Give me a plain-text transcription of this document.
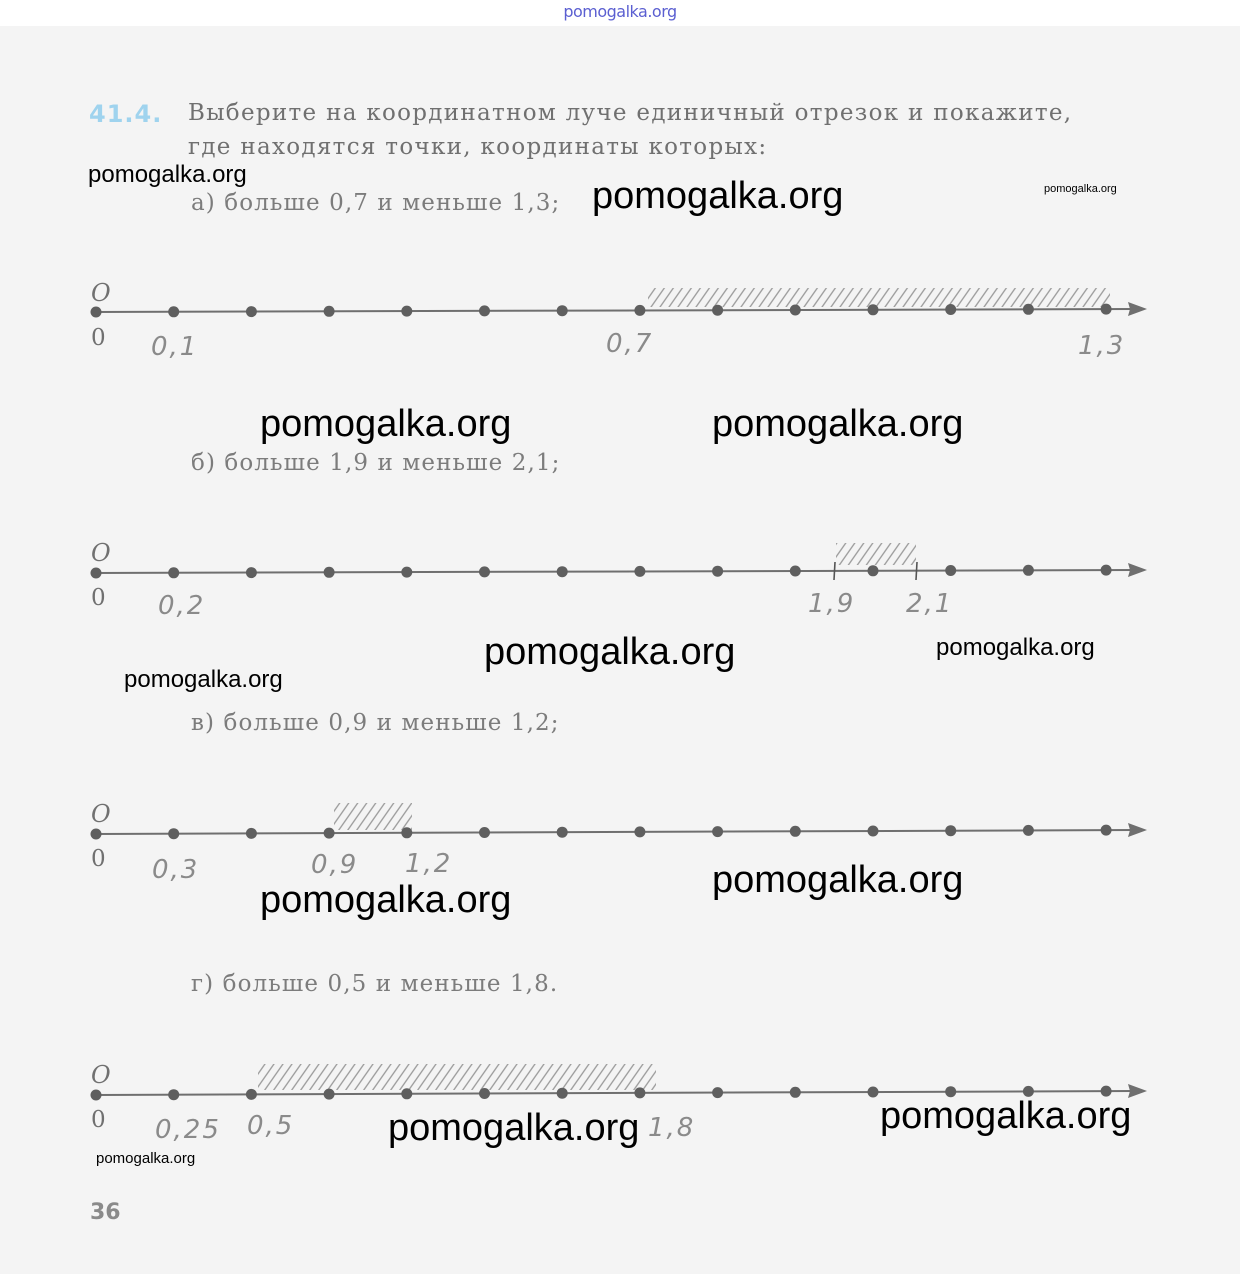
pomogalka.org
41.4. Выберите на координатном луче единичный отрезок и покажите,
где находятся точки, координаты которых:
а) больше 0,7 и меньше 1,3;
б) больше 1,9 и меньше 2,1;
в) больше 0,9 и меньше 1,2;
г) больше 0,5 и меньше 1,8.
O
0 0,1	0,7	1,3
O
0 0,2	1,9 2,1
O
0 0,3	0,9 1,2
O
0 0,25 0,5	1,8
pomogalka.org
pomogalka.org	pomogalka.org
pomogalka.org	pomogalka.org
pomogalka.org	pomogalka.org
pomogalka.org
pomogalka.org
pomogalka.org
pomogalka.org
pomogalka.org
pomogalka.org
36
